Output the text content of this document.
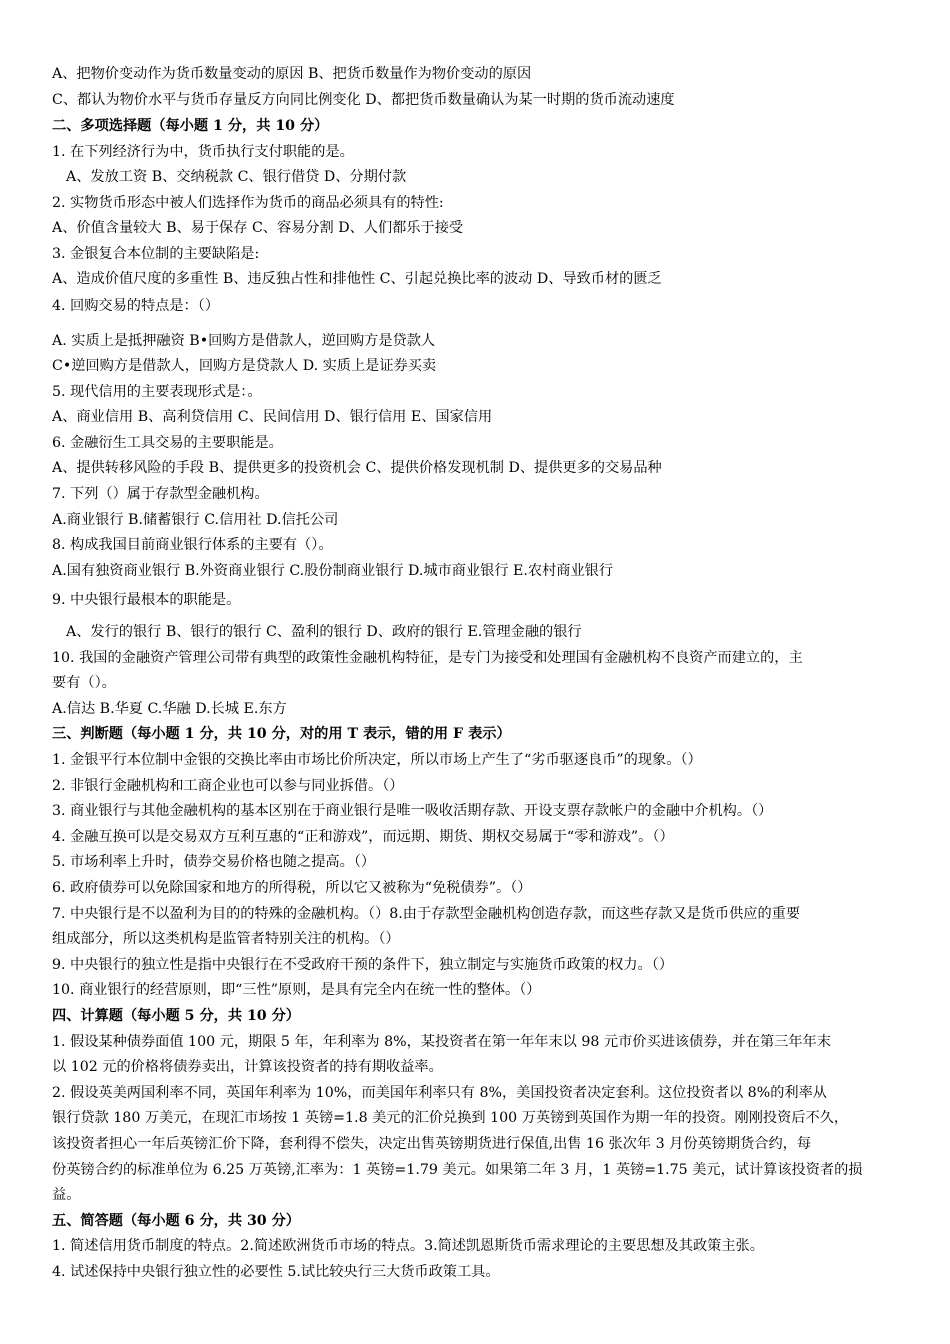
A、把物价变动作为货币数量变动的原因 B、把货币数量作为物价变动的原因
C、都认为物价水平与货币存量反方向同比例变化 D、都把货币数量确认为某一时期的货币流动速度
二、多项选择题（每小题 1 分，共 10 分）
1. 在下列经济行为中，货币执行支付职能的是。
A、发放工资 B、交纳税款 C、银行借贷 D、分期付款
2. 实物货币形态中被人们选择作为货币的商品必须具有的特性:
A、价值含量较大 B、易于保存 C、容易分割 D、人们都乐于接受
3. 金银复合本位制的主要缺陷是:
A、造成价值尺度的多重性 B、违反独占性和排他性 C、引起兑换比率的波动 D、导致币材的匮乏
4. 回购交易的特点是：（）
A. 实质上是抵押融资 B•回购方是借款人，逆回购方是贷款人
C•逆回购方是借款人，回购方是贷款人 D. 实质上是证券买卖
5. 现代信用的主要表现形式是：。
A、商业信用 B、高利贷信用 C、民间信用 D、银行信用 E、国家信用
6. 金融衍生工具交易的主要职能是。
A、提供转移风险的手段 B、提供更多的投资机会 C、提供价格发现机制 D、提供更多的交易品种
7. 下列（）属于存款型金融机构。
A.商业银行 B.储蓄银行 C.信用社 D.信托公司
8. 构成我国目前商业银行体系的主要有（）。
A.国有独资商业银行 B.外资商业银行 C.股份制商业银行 D.城市商业银行 E.农村商业银行
9. 中央银行最根本的职能是。
A、发行的银行 B、银行的银行 C、盈利的银行 D、政府的银行 E.管理金融的银行
10. 我国的金融资产管理公司带有典型的政策性金融机构特征，是专门为接受和处理国有金融机构不良资产而建立的，主
要有（）。
A.信达 B.华夏 C.华融 D.长城 E.东方
三、判断题（每小题 1 分，共 10 分，对的用 T 表示，错的用 F 表示）
1. 金银平行本位制中金银的交换比率由市场比价所决定，所以市场上产生了“劣币驱逐良币”的现象。（）
2. 非银行金融机构和工商企业也可以参与同业拆借。（）
3. 商业银行与其他金融机构的基本区别在于商业银行是唯一吸收活期存款、开设支票存款帐户的金融中介机构。（）
4. 金融互换可以是交易双方互利互惠的“正和游戏”，而远期、期货、期权交易属于“零和游戏”。（）
5. 市场利率上升时，债券交易价格也随之提高。（）
6. 政府债券可以免除国家和地方的所得税，所以它又被称为“免税债券”。（）
7. 中央银行是不以盈利为目的的特殊的金融机构。（）8.由于存款型金融机构创造存款，而这些存款又是货币供应的重要
组成部分，所以这类机构是监管者特别关注的机构。（）
9. 中央银行的独立性是指中央银行在不受政府干预的条件下，独立制定与实施货币政策的权力。（）
10. 商业银行的经营原则，即“三性”原则，是具有完全内在统一性的整体。（）
四、计算题（每小题 5 分，共 10 分）
1. 假设某种债券面值 100 元，期限 5 年，年利率为 8%，某投资者在第一年年末以 98 元市价买进该债券，并在第三年年末
以 102 元的价格将债券卖出，计算该投资者的持有期收益率。
2. 假设英美两国利率不同，英国年利率为 10%，而美国年利率只有 8%，美国投资者决定套利。这位投资者以 8%的利率从
银行贷款 180 万美元，在现汇市场按 1 英镑=1.8 美元的汇价兑换到 100 万英镑到英国作为期一年的投资。刚刚投资后不久，
该投资者担心一年后英镑汇价下降，套利得不偿失，决定出售英镑期货进行保值,出售 16 张次年 3 月份英镑期货合约，每
份英镑合约的标准单位为 6.25 万英镑,汇率为：1 英镑=1.79 美元。如果第二年 3 月，1 英镑=1.75 美元，试计算该投资者的损
益。
五、简答题（每小题 6 分，共 30 分）
1. 简述信用货币制度的特点。2.简述欧洲货币市场的特点。3.简述凯恩斯货币需求理论的主要思想及其政策主张。
4. 试述保持中央银行独立性的必要性 5.试比较央行三大货币政策工具。
